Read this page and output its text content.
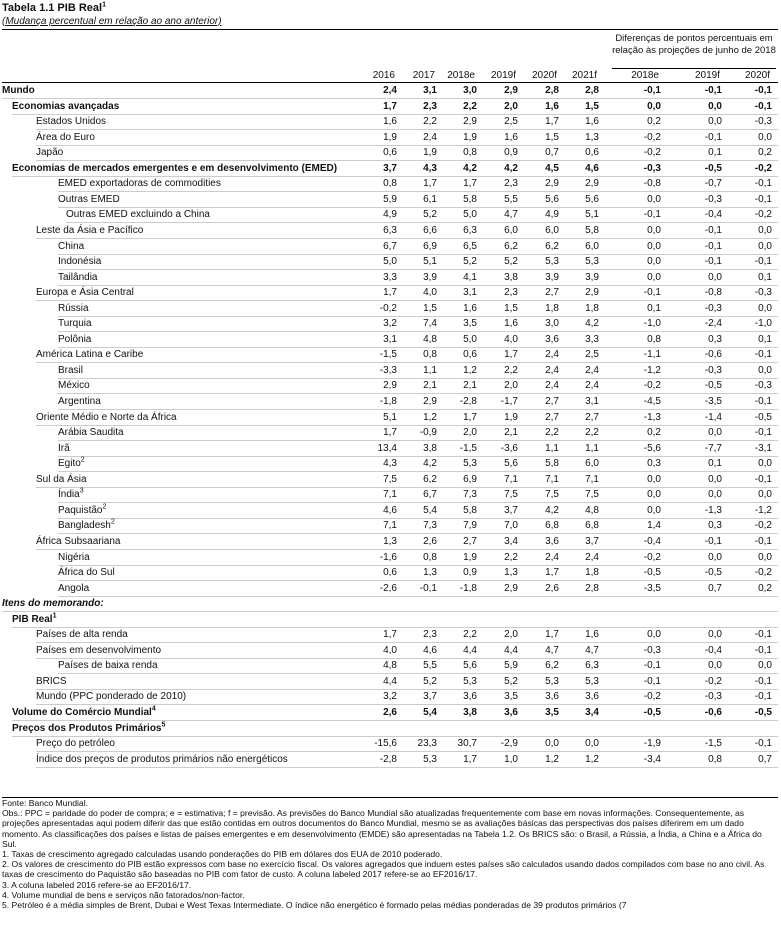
Tabela 1.1 PIB Real$^1$
(Mudança percentual em relação ao ano anterior)
Diferenças de pontos percentuais em relação às projeções de junho de 2018
2016	2017	2018e	2019f	2020f	2021f	2018e	2019f	2020f
Mundo	2,4	3,1	3,0	2,9	2,8	2,8	-0,1	-0,1	-0,1
Economias avançadas	1,7	2,3	2,2	2,0	1,6	1,5	0,0	0,0	-0,1
Estados Unidos	1,6	2,2	2,9	2,5	1,7	1,6	0,2	0,0	-0,3
Área do Euro	1,9	2,4	1,9	1,6	1,5	1,3	-0,2	-0,1	0,0
Japão	0,6	1,9	0,8	0,9	0,7	0,6	-0,2	0,1	0,2
Economias de mercados emergentes e em desenvolvimento (EMED)	3,7	4,3	4,2	4,2	4,5	4,6	-0,3	-0,5	-0,2
EMED exportadoras de commodities	0,8	1,7	1,7	2,3	2,9	2,9	-0,8	-0,7	-0,1
Outras EMED	5,9	6,1	5,8	5,5	5,6	5,6	0,0	-0,3	-0,1
Outras EMED excluindo a China	4,9	5,2	5,0	4,7	4,9	5,1	-0,1	-0,4	-0,2
Leste da Ásia e Pacífico	6,3	6,6	6,3	6,0	6,0	5,8	0,0	-0,1	0,0
China	6,7	6,9	6,5	6,2	6,2	6,0	0,0	-0,1	0,0
Indonésia	5,0	5,1	5,2	5,2	5,3	5,3	0,0	-0,1	-0,1
Tailândia	3,3	3,9	4,1	3,8	3,9	3,9	0,0	0,0	0,1
Europa e Ásia Central	1,7	4,0	3,1	2,3	2,7	2,9	-0,1	-0,8	-0,3
Rússia	-0,2	1,5	1,6	1,5	1,8	1,8	0,1	-0,3	0,0
Turquia	3,2	7,4	3,5	1,6	3,0	4,2	-1,0	-2,4	-1,0
Polônia	3,1	4,8	5,0	4,0	3,6	3,3	0,8	0,3	0,1
América Latina e Caribe	-1,5	0,8	0,6	1,7	2,4	2,5	-1,1	-0,6	-0,1
Brasil	-3,3	1,1	1,2	2,2	2,4	2,4	-1,2	-0,3	0,0
México	2,9	2,1	2,1	2,0	2,4	2,4	-0,2	-0,5	-0,3
Argentina	-1,8	2,9	-2,8	-1,7	2,7	3,1	-4,5	-3,5	-0,1
Oriente Médio e Norte da África	5,1	1,2	1,7	1,9	2,7	2,7	-1,3	-1,4	-0,5
Arábia Saudita	1,7	-0,9	2,0	2,1	2,2	2,2	0,2	0,0	-0,1
Irã	13,4	3,8	-1,5	-3,6	1,1	1,1	-5,6	-7,7	-3,1
Egito$^2$	4,3	4,2	5,3	5,6	5,8	6,0	0,3	0,1	0,0
Sul da Ásia	7,5	6,2	6,9	7,1	7,1	7,1	0,0	0,0	-0,1
Índia$^3$	7,1	6,7	7,3	7,5	7,5	7,5	0,0	0,0	0,0
Paquistão$^2$	4,6	5,4	5,8	3,7	4,2	4,8	0,0	-1,3	-1,2
Bangladesh$^2$	7,1	7,3	7,9	7,0	6,8	6,8	1,4	0,3	-0,2
África Subsaariana	1,3	2,6	2,7	3,4	3,6	3,7	-0,4	-0,1	-0,1
Nigéria	-1,6	0,8	1,9	2,2	2,4	2,4	-0,2	0,0	0,0
África do Sul	0,6	1,3	0,9	1,3	1,7	1,8	-0,5	-0,5	-0,2
Angola	-2,6	-0,1	-1,8	2,9	2,6	2,8	-3,5	0,7	0,2
Itens do memorando:
PIB Real$^1$
Países de alta renda	1,7	2,3	2,2	2,0	1,7	1,6	0,0	0,0	-0,1
Países em desenvolvimento	4,0	4,6	4,4	4,4	4,7	4,7	-0,3	-0,4	-0,1
Países de baixa renda	4,8	5,5	5,6	5,9	6,2	6,3	-0,1	0,0	0,0
BRICS	4,4	5,2	5,3	5,2	5,3	5,3	-0,1	-0,2	-0,1
Mundo (PPC ponderado de 2010)	3,2	3,7	3,6	3,5	3,6	3,6	-0,2	-0,3	-0,1
Volume do Comércio Mundial$^4$	2,6	5,4	3,8	3,6	3,5	3,4	-0,5	-0,6	-0,5
Preços dos Produtos Primários$^5$
Preço do petróleo	-15,6	23,3	30,7	-2,9	0,0	0,0	-1,9	-1,5	-0,1
Índice dos preços de produtos primários não energéticos	-2,8	5,3	1,7	1,0	1,2	1,2	-3,4	0,8	0,7

Fonte: Banco Mundial.

Obs.: PPC = paridade do poder de compra; e = estimativa; f = previsão. As previsões do Banco Mundial são atualizadas frequentemente com base em novas informações. Consequentemente, as projeções apresentadas aqui podem diferir das que estão contidas em outros documentos do Banco Mundial, mesmo se as avaliações básicas das perspectivas dos países diferirem em um dado momento. As classificações dos países e listas de países emergentes e em desenvolvimento (EMDE) são apresentadas na Tabela 1.2. Os BRICS são: o Brasil, a Rússia, a Índia, a China e a África do Sul.

1. Taxas de crescimento agregado calculadas usando ponderações do PIB em dólares dos EUA de 2010 poderado.

2. Os valores de crescimento do PIB estão expressos com base no exercício fiscal. Os valores agregados que induem estes países são calculados usando dados compilados com base no ano civil. As taxas de crescimento do Paquistão são baseadas no PIB com fator de custo. A coluna labeled 2017 refere-se ao EF2016/17.

3. A coluna labeled 2016 refere-se ao EF2016/17.

4. Volume mundial de bens e serviços não fatorados/non-factor.

5. Petróleo é a média simples de Brent, Dubai e West Texas Intermediate. O índice não energético é formado pelas médias ponderadas de 39 produtos primários (7
